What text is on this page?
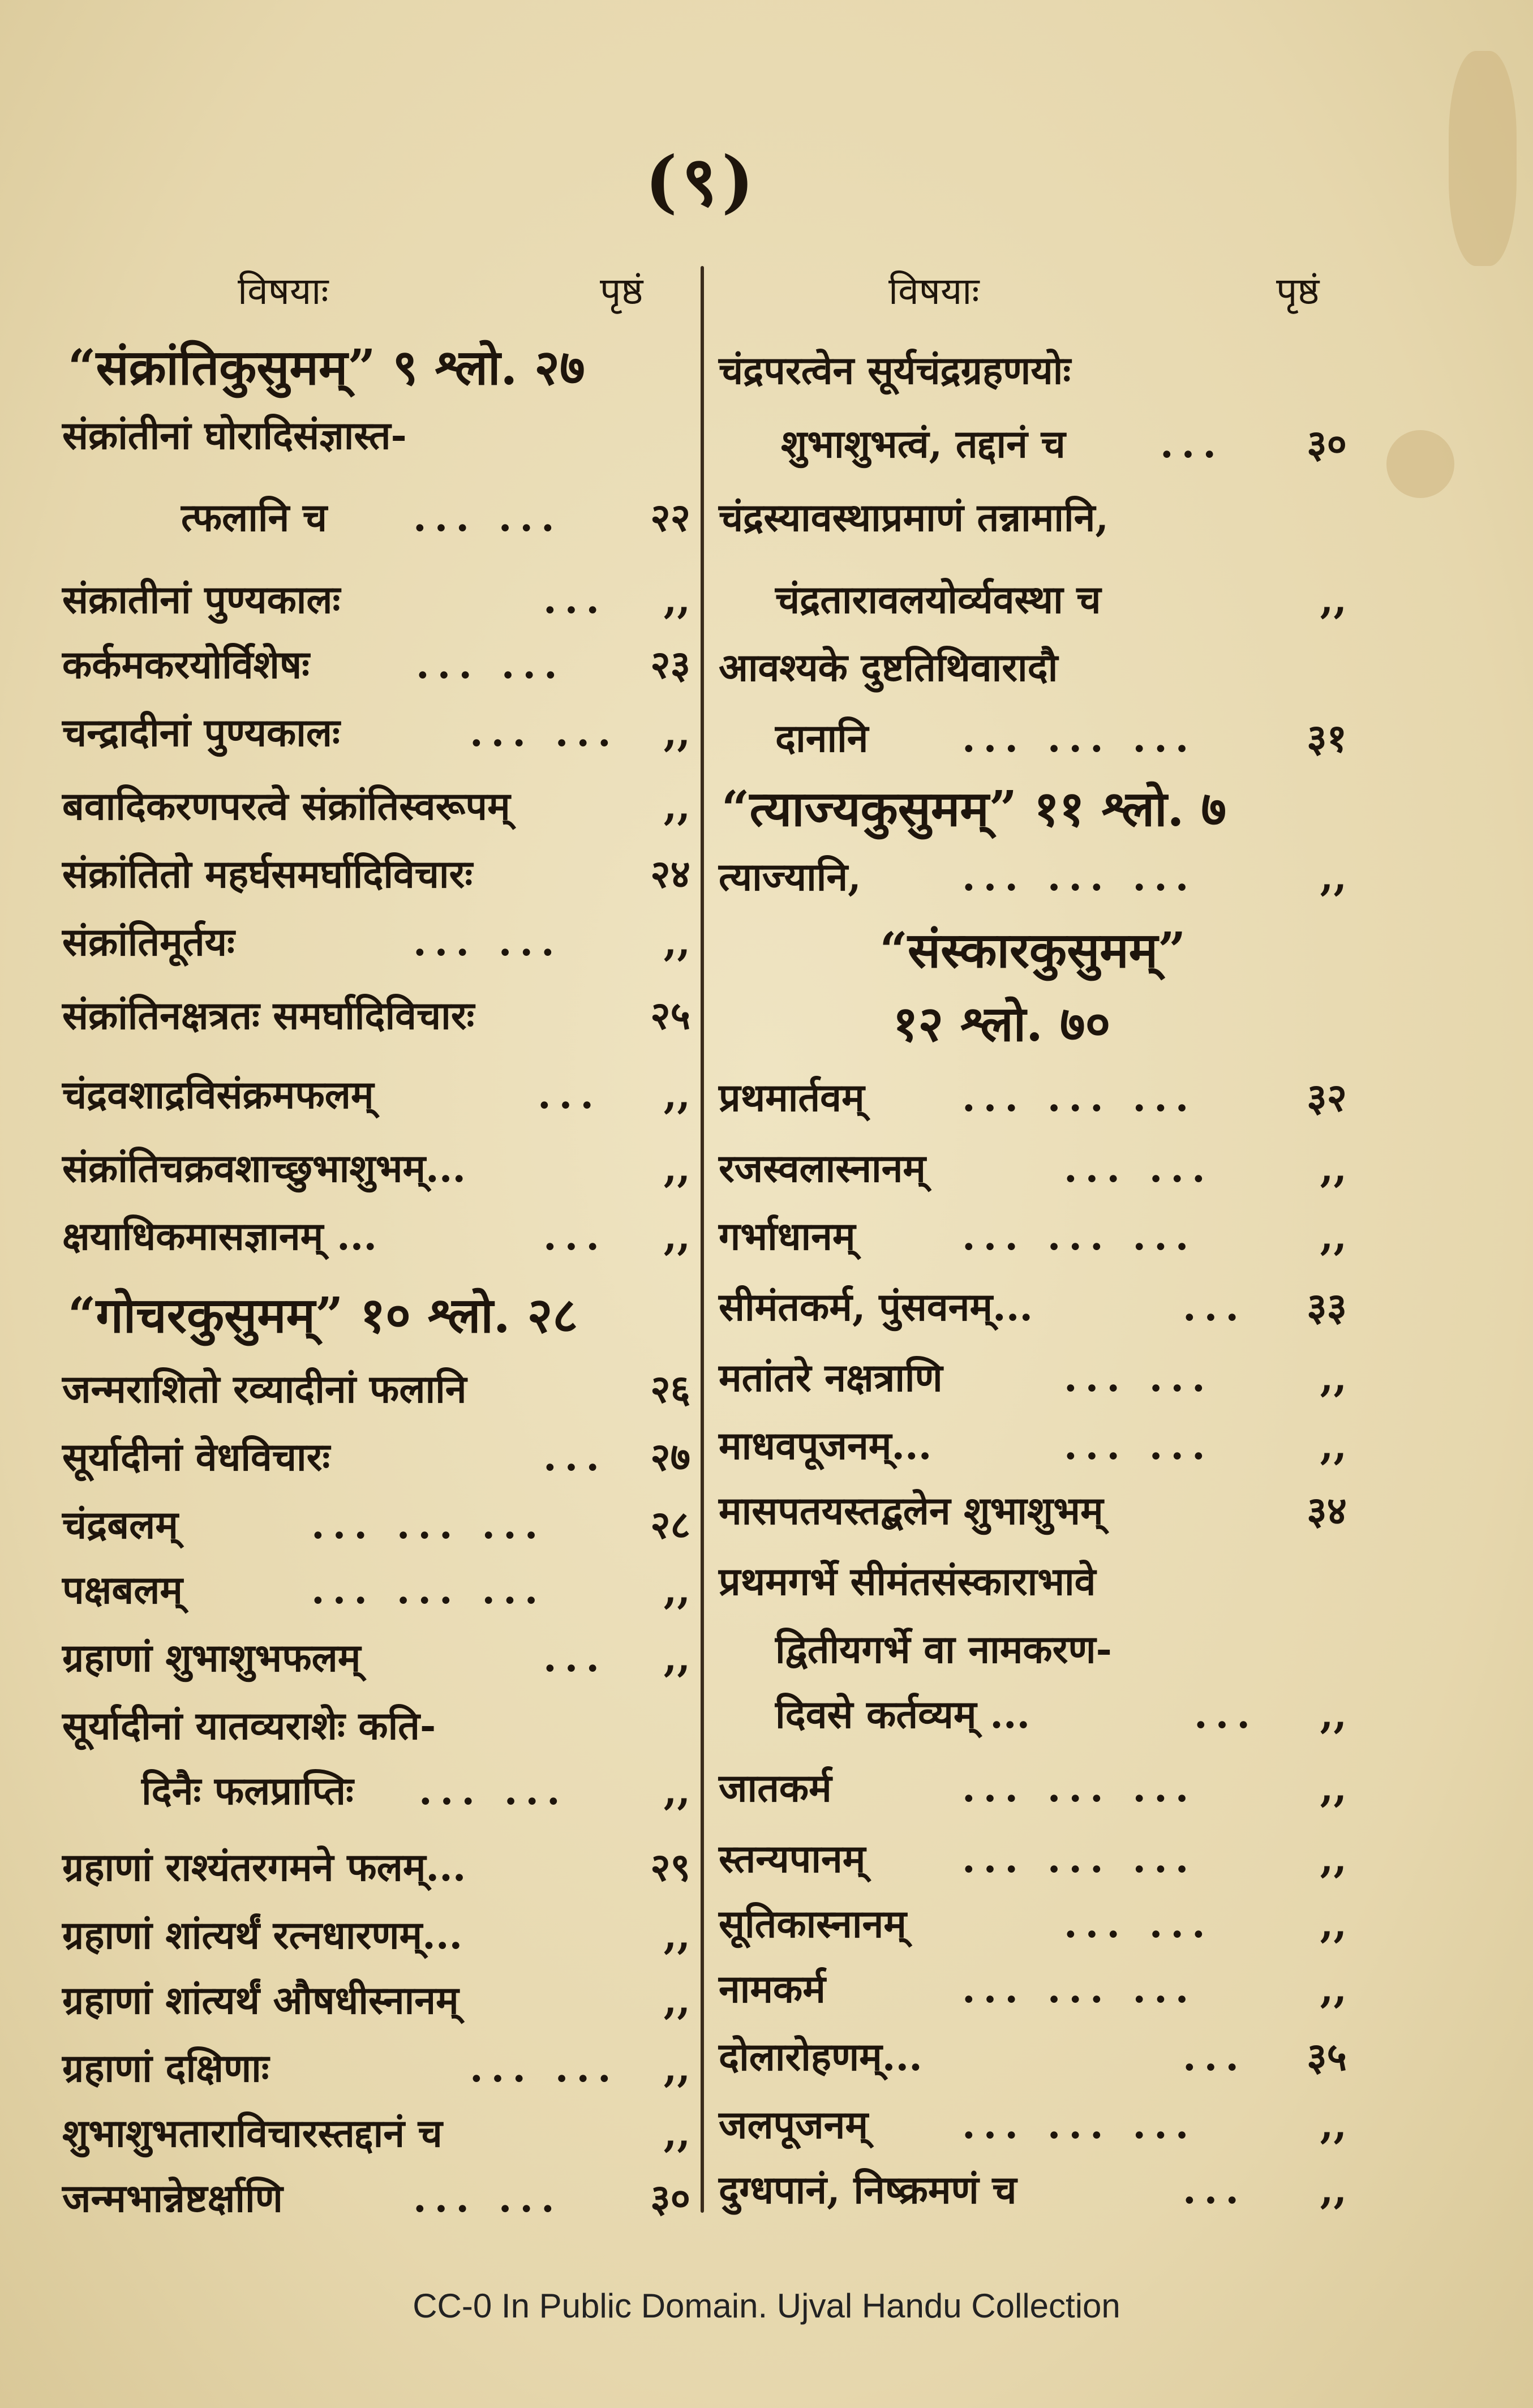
(९)
विषयाः	पृष्ठं	विषयाः	पृष्ठं
“संक्रांतिकुसुमम्” ९ श्लो. २७
संक्रांतीनां घोरादिसंज्ञास्त-
त्फलानि च ... ... २२
संक्रातीनां पुण्यकालः	... ,,
कर्कमकरयोर्विशेषः	... ... २३
चन्द्रादीनां पुण्यकालः	... ... ,,
बवादिकरणपरत्वे संक्रांतिस्वरूपम्	,,
संक्रांतितो महर्घसमर्घादिविचारः	२४
संक्रांतिमूर्तयः	... ...	,,
संक्रांतिनक्षत्रतः समर्घादिविचारः	२५
चंद्रवशाद्रविसंक्रमफलम्	... ,,
संक्रांतिचक्रवशाच्छुभाशुभम्...	,,
क्षयाधिकमासज्ञानम् ...	... ,,
“गोचरकुसुमम्” १० श्लो. २८
जन्मराशितो रव्यादीनां फलानि	२६
सूर्यादीनां वेधविचारः	... २७
चंद्रबलम्	... ... ...	२८
पक्षबलम्	... ... ...	,,
ग्रहाणां शुभाशुभफलम्	... ,,
सूर्यादीनां यातव्यराशेः कति-
दिनैः फलप्राप्तिः ... ... ,,
ग्रहाणां राश्यंतरगमने फलम्...	२९
ग्रहाणां शांत्यर्थं रत्नधारणम्...	,,
ग्रहाणां शांत्यर्थं औषधीस्नानम्	,,
ग्रहाणां दक्षिणाः	... ... ,,
शुभाशुभताराविचारस्तद्दानं च	,,
जन्मभान्नेष्टर्क्षाणि	... ... ३०
चंद्रपरत्वेन सूर्यचंद्रग्रहणयोः
शुभाशुभत्वं, तद्दानं च ... ३०
चंद्रस्यावस्थाप्रमाणं तन्नामानि,
चंद्रतारावलयोर्व्यवस्था च	,,
आवश्यके दुष्टतिथिवारादौ
दानानि ... ... ...	३१
“त्याज्यकुसुमम्” ११ श्लो. ७
त्याज्यानि,	... ... ...	,,
“संस्कारकुसुमम्”
१२ श्लो. ७०
प्रथमार्तवम्	... ... ...	३२
रजस्वलास्नानम्	... ...	,,
गर्भाधानम्	... ... ...	,,
सीमंतकर्म, पुंसवनम्...	... ३३
मतांतरे नक्षत्राणि	... ...	,,
माधवपूजनम्...	... ...	,,
मासपतयस्तद्बलेन शुभाशुभम्	३४
प्रथमगर्भे सीमंतसंस्काराभावे
द्वितीयगर्भे वा नामकरण-
दिवसे कर्तव्यम् ...	... ,,
जातकर्म	... ... ...	,,
स्तन्यपानम्	... ... ...	,,
सूतिकास्नानम्	... ...	,,
नामकर्म	... ... ...	,,
दोलारोहणम्...	... ३५
जलपूजनम् ... ... ...	,,
दुग्धपानं, निष्क्रमणं च	... ,,
CC-0 In Public Domain. Ujval Handu Collection
